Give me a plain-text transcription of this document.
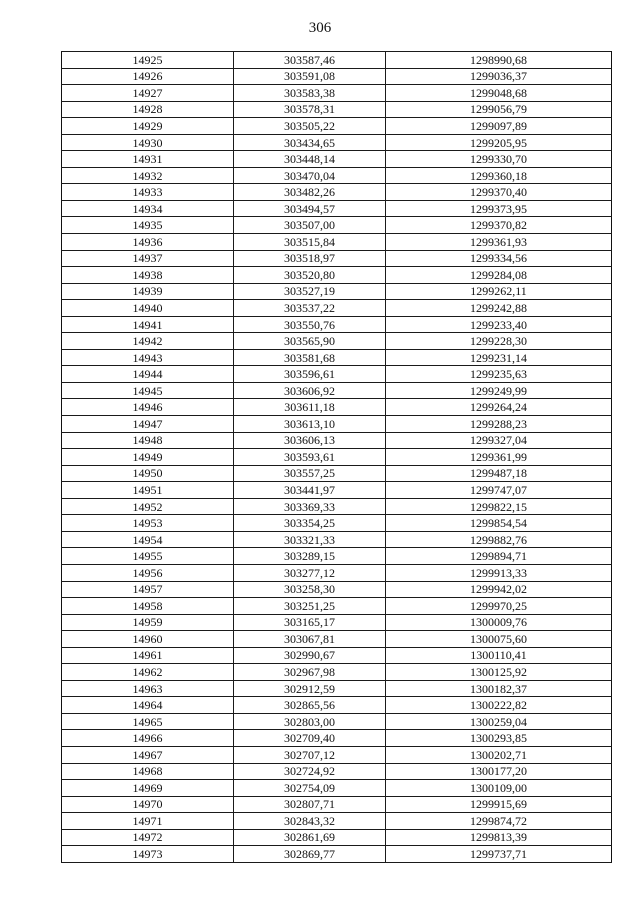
306
14925	303587,46	1298990,68
14926	303591,08	1299036,37
14927	303583,38	1299048,68
14928	303578,31	1299056,79
14929	303505,22	1299097,89
14930	303434,65	1299205,95
14931	303448,14	1299330,70
14932	303470,04	1299360,18
14933	303482,26	1299370,40
14934	303494,57	1299373,95
14935	303507,00	1299370,82
14936	303515,84	1299361,93
14937	303518,97	1299334,56
14938	303520,80	1299284,08
14939	303527,19	1299262,11
14940	303537,22	1299242,88
14941	303550,76	1299233,40
14942	303565,90	1299228,30
14943	303581,68	1299231,14
14944	303596,61	1299235,63
14945	303606,92	1299249,99
14946	303611,18	1299264,24
14947	303613,10	1299288,23
14948	303606,13	1299327,04
14949	303593,61	1299361,99
14950	303557,25	1299487,18
14951	303441,97	1299747,07
14952	303369,33	1299822,15
14953	303354,25	1299854,54
14954	303321,33	1299882,76
14955	303289,15	1299894,71
14956	303277,12	1299913,33
14957	303258,30	1299942,02
14958	303251,25	1299970,25
14959	303165,17	1300009,76
14960	303067,81	1300075,60
14961	302990,67	1300110,41
14962	302967,98	1300125,92
14963	302912,59	1300182,37
14964	302865,56	1300222,82
14965	302803,00	1300259,04
14966	302709,40	1300293,85
14967	302707,12	1300202,71
14968	302724,92	1300177,20
14969	302754,09	1300109,00
14970	302807,71	1299915,69
14971	302843,32	1299874,72
14972	302861,69	1299813,39
14973	302869,77	1299737,71
